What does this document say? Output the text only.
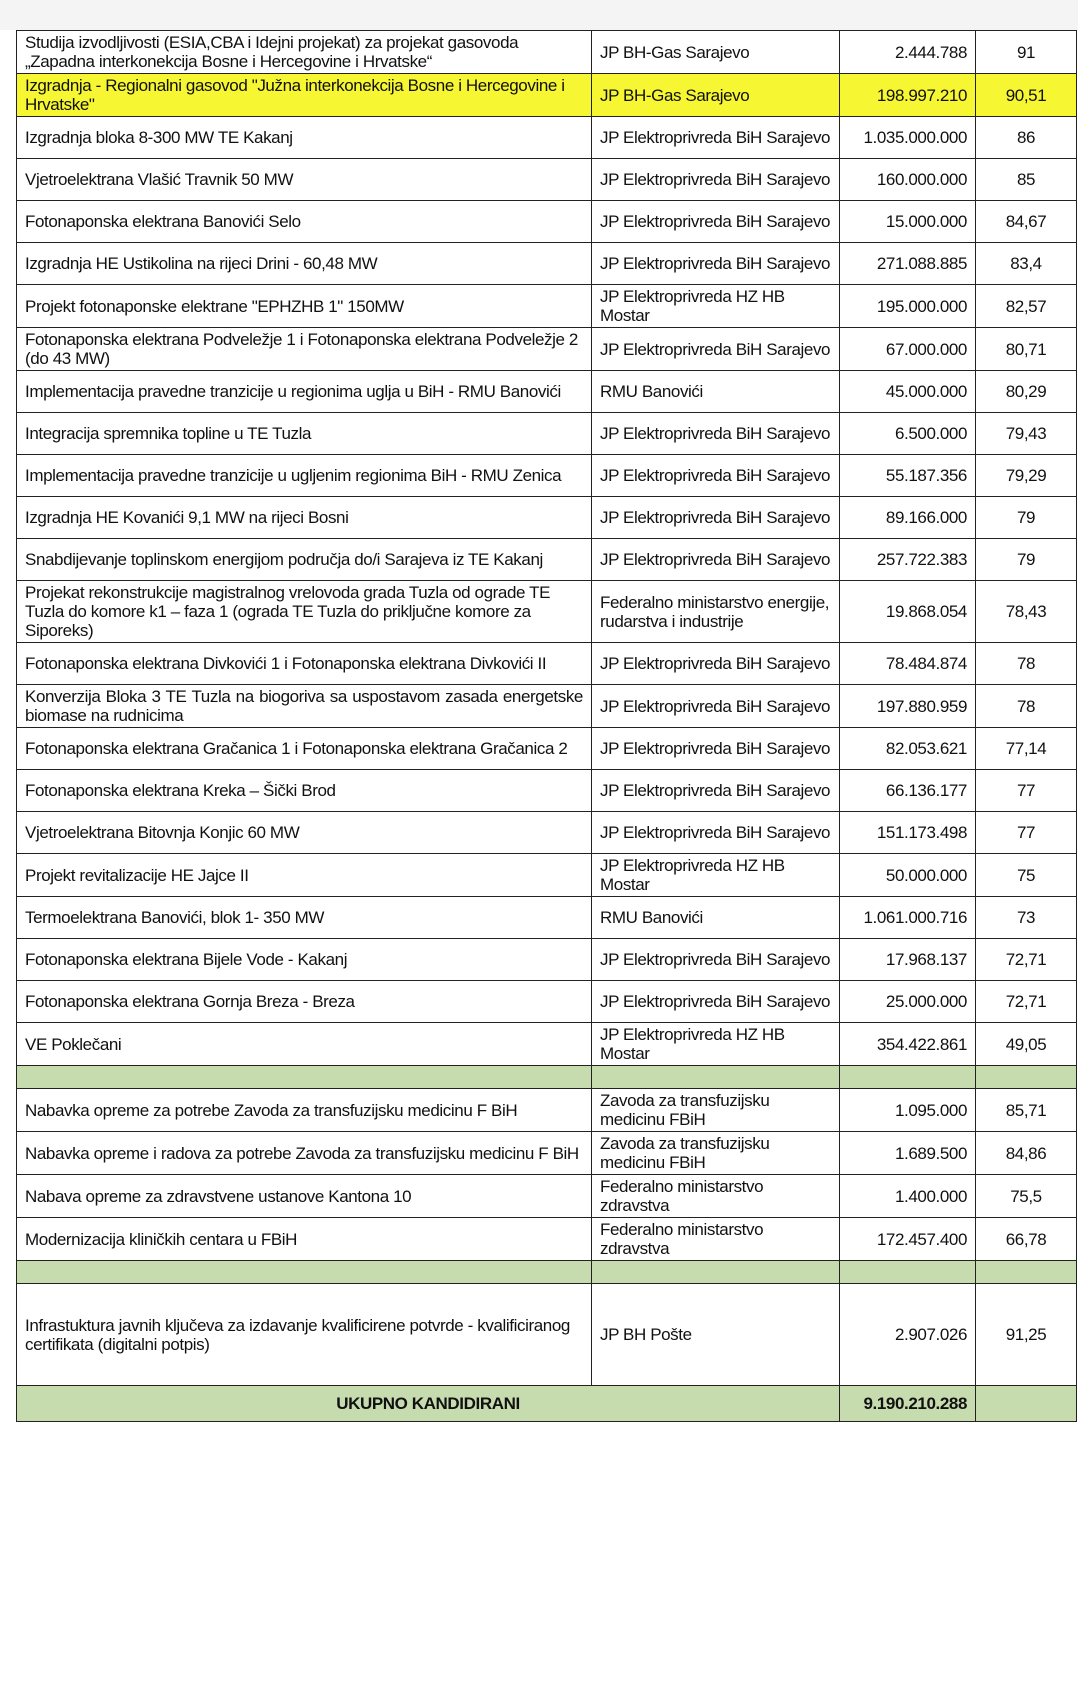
Studija izvodljivosti (ESIA,CBA i Idejni projekat) za projekat gasovoda „Zapadna interkonekcija Bosne i Hercegovine i Hrvatske“	JP BH-Gas Sarajevo	2.444.788	91
Izgradnja - Regionalni gasovod "Južna interkonekcija Bosne i Hercegovine i Hrvatske"	JP BH-Gas Sarajevo	198.997.210	90,51
Izgradnja bloka 8-300 MW TE Kakanj	JP Elektroprivreda BiH Sarajevo	1.035.000.000	86
Vjetroelektrana Vlašić Travnik 50 MW	JP Elektroprivreda BiH Sarajevo	160.000.000	85
Fotonaponska elektrana Banovići Selo	JP Elektroprivreda BiH Sarajevo	15.000.000	84,67
Izgradnja HE Ustikolina na rijeci Drini - 60,48 MW	JP Elektroprivreda BiH Sarajevo	271.088.885	83,4
Projekt fotonaponske elektrane "EPHZHB 1" 150MW	JP Elektroprivreda HZ HB Mostar	195.000.000	82,57
Fotonaponska elektrana Podveležje 1 i Fotonaponska elektrana Podveležje 2 (do 43 MW)	JP Elektroprivreda BiH Sarajevo	67.000.000	80,71
Implementacija pravedne tranzicije u regionima uglja u BiH - RMU Banovići	RMU Banovići	45.000.000	80,29
Integracija spremnika topline u TE Tuzla	JP Elektroprivreda BiH Sarajevo	6.500.000	79,43
Implementacija pravedne tranzicije u ugljenim regionima BiH - RMU Zenica	JP Elektroprivreda BiH Sarajevo	55.187.356	79,29
Izgradnja HE Kovanići 9,1 MW na rijeci Bosni	JP Elektroprivreda BiH Sarajevo	89.166.000	79
Snabdijevanje toplinskom energijom područja do/i Sarajeva iz TE Kakanj	JP Elektroprivreda BiH Sarajevo	257.722.383	79
Projekat rekonstrukcije magistralnog vrelovoda grada Tuzla od ograde TE Tuzla do komore k1 – faza 1 (ograda TE Tuzla do priključne komore za Siporeks)	Federalno ministarstvo energije, rudarstva i industrije	19.868.054	78,43
Fotonaponska elektrana Divkovići 1 i Fotonaponska elektrana Divkovići II	JP Elektroprivreda BiH Sarajevo	78.484.874	78
Konverzija Bloka 3 TE Tuzla na biogoriva sa uspostavom zasada energetske biomase na rudnicima	JP Elektroprivreda BiH Sarajevo	197.880.959	78
Fotonaponska elektrana Gračanica 1 i Fotonaponska elektrana Gračanica 2	JP Elektroprivreda BiH Sarajevo	82.053.621	77,14
Fotonaponska elektrana Kreka – Šički Brod	JP Elektroprivreda BiH Sarajevo	66.136.177	77
Vjetroelektrana Bitovnja Konjic 60 MW	JP Elektroprivreda BiH Sarajevo	151.173.498	77
Projekt revitalizacije HE Jajce II	JP Elektroprivreda HZ HB Mostar	50.000.000	75
Termoelektrana Banovići, blok 1- 350 MW	RMU Banovići	1.061.000.716	73
Fotonaponska elektrana Bijele Vode - Kakanj	JP Elektroprivreda BiH Sarajevo	17.968.137	72,71
Fotonaponska elektrana Gornja Breza - Breza	JP Elektroprivreda BiH Sarajevo	25.000.000	72,71
VE Poklečani	JP Elektroprivreda HZ HB Mostar	354.422.861	49,05

Nabavka opreme za potrebe Zavoda za transfuzijsku medicinu F BiH	Zavoda za transfuzijsku medicinu FBiH	1.095.000	85,71
Nabavka opreme i radova za potrebe Zavoda za transfuzijsku medicinu F BiH	Zavoda za transfuzijsku medicinu FBiH	1.689.500	84,86
Nabava opreme za zdravstvene ustanove Kantona 10	Federalno ministarstvo zdravstva	1.400.000	75,5
Modernizacija kliničkih centara u FBiH	Federalno ministarstvo zdravstva	172.457.400	66,78

Infrastuktura javnih ključeva za izdavanje kvalificirene potvrde - kvalificiranog certifikata (digitalni potpis)	JP BH Pošte	2.907.026	91,25
UKUPNO KANDIDIRANI		9.190.210.288	
